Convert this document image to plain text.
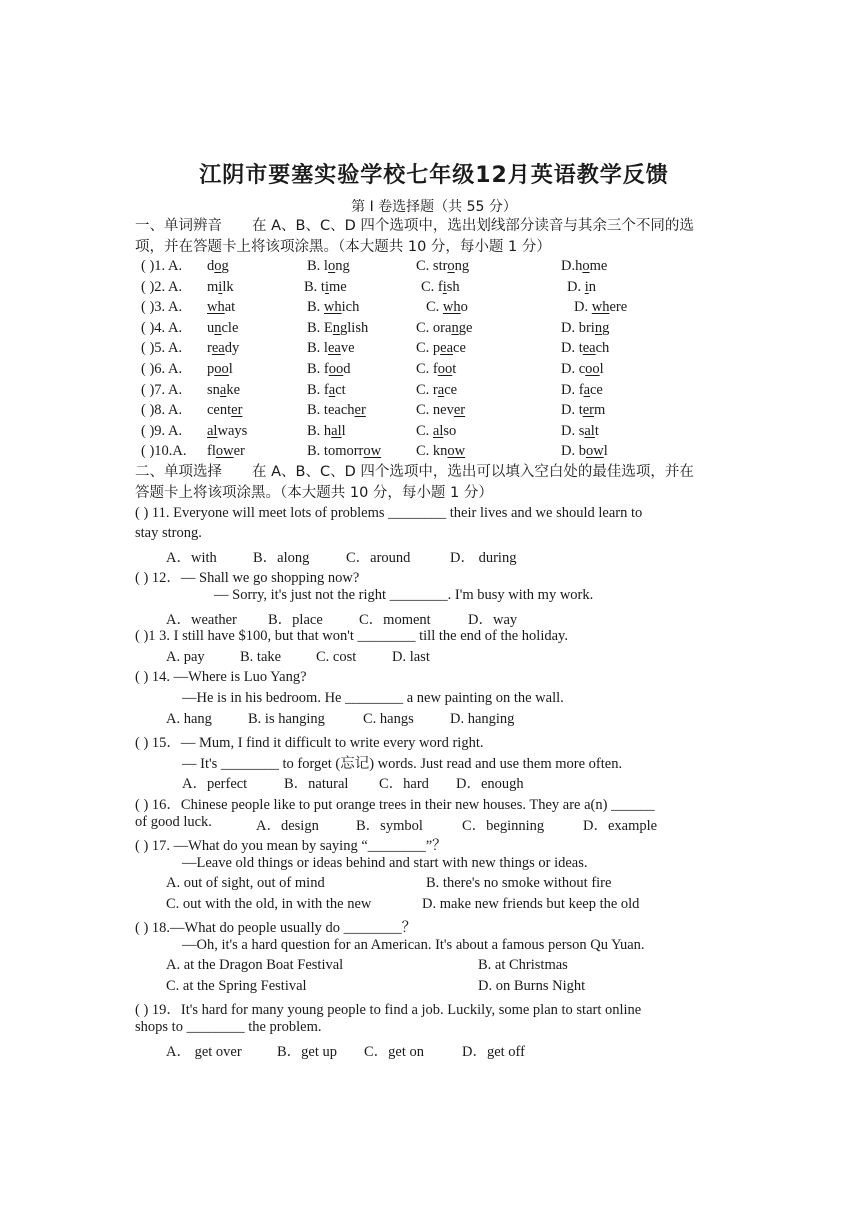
江阴市要塞实验学校七年级12月英语教学反馈
第 I 卷选择题（共 55 分）
一、单词辨音 在 A、B、C、D 四个选项中，选出划线部分读音与其余三个不同的选
项，并在答题卡上将该项涂黑。（本大题共 10 分，每小题 1 分）
( )1. A. dog	B. long	C. strong	D.home
( )2. A. milk	B. time	C. fish	D. in
( )3. A. what	B. which	C. who	D. where
( )4. A. uncle	B. English	C. orange	D. bring
( )5. A. ready	B. leave	C. peace	D. teach
( )6. A. pool	B. food	C. foot	D. cool
( )7. A. snake	B. fact	C. race	D. face
( )8. A. center	B. teacher	C. never	D. term
( )9. A. always	B. hall	C. also	D. salt
( )10.A. flower	B. tomorrow C. know	D. bowl
二、单项选择 在 A、B、C、D 四个选项中，选出可以填入空白处的最佳选项，并在
答题卡上将该项涂黑。（本大题共 10 分，每小题 1 分）
( ) 11. Everyone will meet lots of problems ________ their lives and we should learn to
stay strong.
A．with	B．along	C．around	D． during
( ) 12．— Shall we go shopping now?
— Sorry, it's just not the right ________. I'm busy with my work.
A．weather B．place C．moment	D．way
( )1 3. I still have $100, but that won't ________ till the end of the holiday.
A. pay B. take C. cost D. last
( ) 14. —Where is Luo Yang?
—He is in his bedroom. He ________ a new painting on the wall.
A. hang B. is hanging	C. hangs	D. hanging
( ) 15．— Mum, I find it difficult to write every word right.
— It's ________ to forget (忘记) words. Just read and use them more often.
A．perfect	B．natural C．hard D．enough
( ) 16．Chinese people like to put orange trees in their new houses. They are a(n) ______
of good luck.	A．design	B．symbol	C．beginning	D．example
( ) 17. —What do you mean by saying “________”？
—Leave old things or ideas behind and start with new things or ideas.
A. out of sight, out of mind	B. there's no smoke without fire
C. out with the old, in with the new	D. make new friends but keep the old
( ) 18.—What do people usually do ________？
—Oh, it's a hard question for an American. It's about a famous person Qu Yuan.
A. at the Dragon Boat Festival	B. at Christmas
C. at the Spring Festival	D. on Burns Night
( ) 19．It's hard for many young people to find a job. Luckily, some plan to start online
shops to ________ the problem.
A． get over B．get up C．get on	D．get off
